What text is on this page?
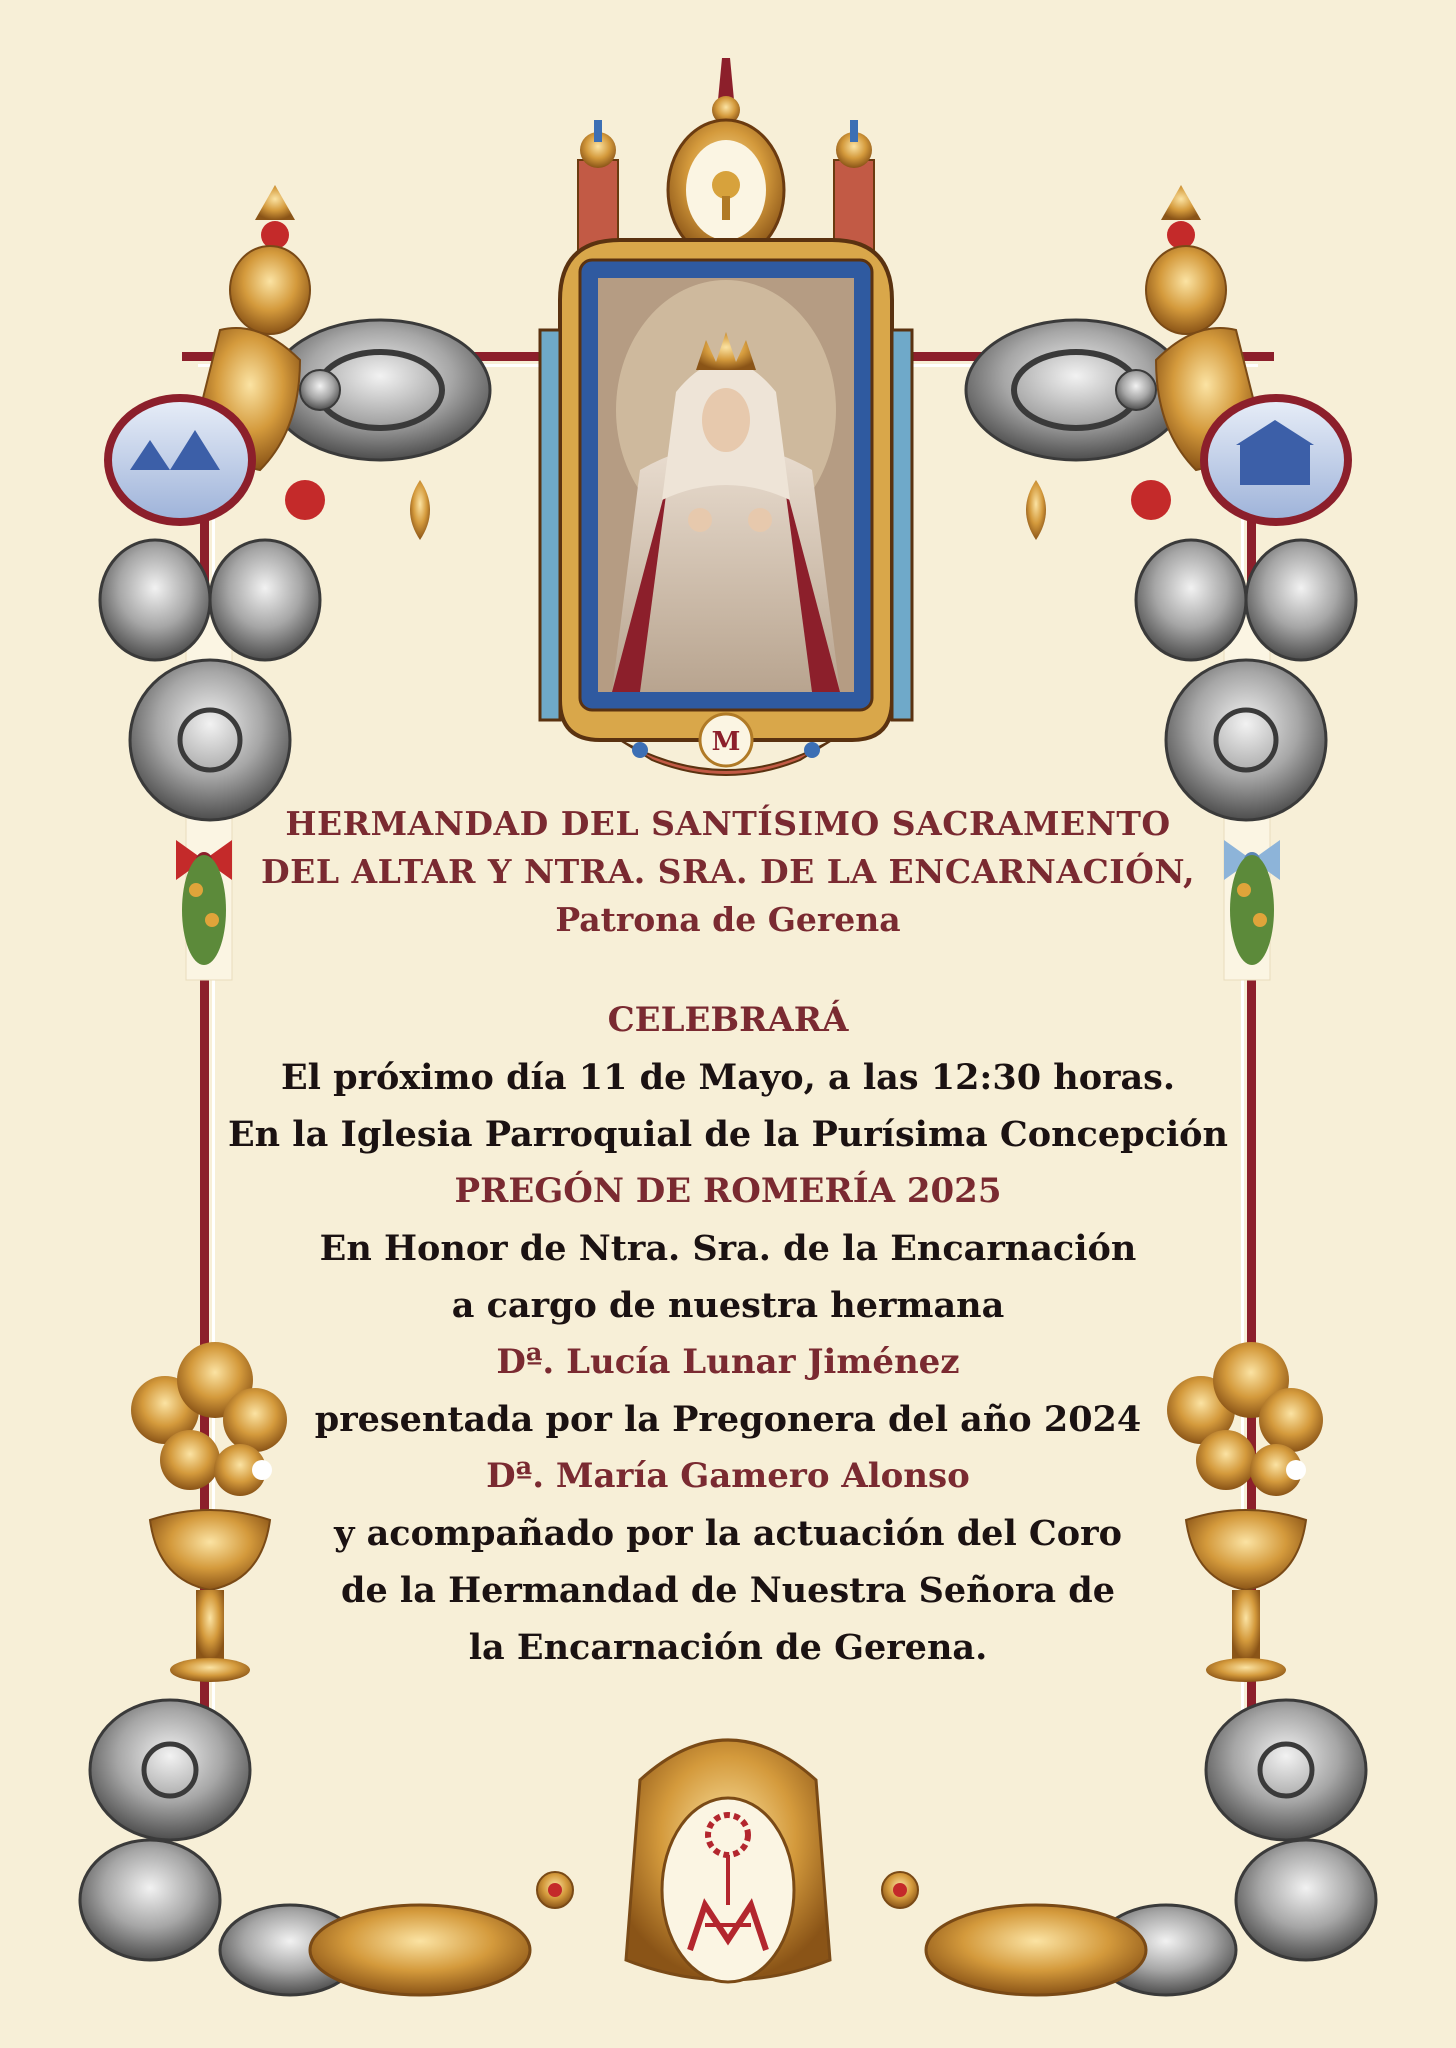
M

HERMANDAD DEL SANTÍSIMO SACRAMENTO

DEL ALTAR Y NTRA. SRA. DE LA ENCARNACIÓN,

Patrona de Gerena

CELEBRARÁ

El próximo día 11 de Mayo, a las 12:30 horas.

En la Iglesia Parroquial de la Purísima Concepción

PREGÓN DE ROMERÍA 2025

En Honor de Ntra. Sra. de la Encarnación

a cargo de nuestra hermana

Dª. Lucía Lunar Jiménez

presentada por la Pregonera del año 2024

Dª. María Gamero Alonso

y acompañado por la actuación del Coro

de la Hermandad de Nuestra Señora de

la Encarnación de Gerena.
